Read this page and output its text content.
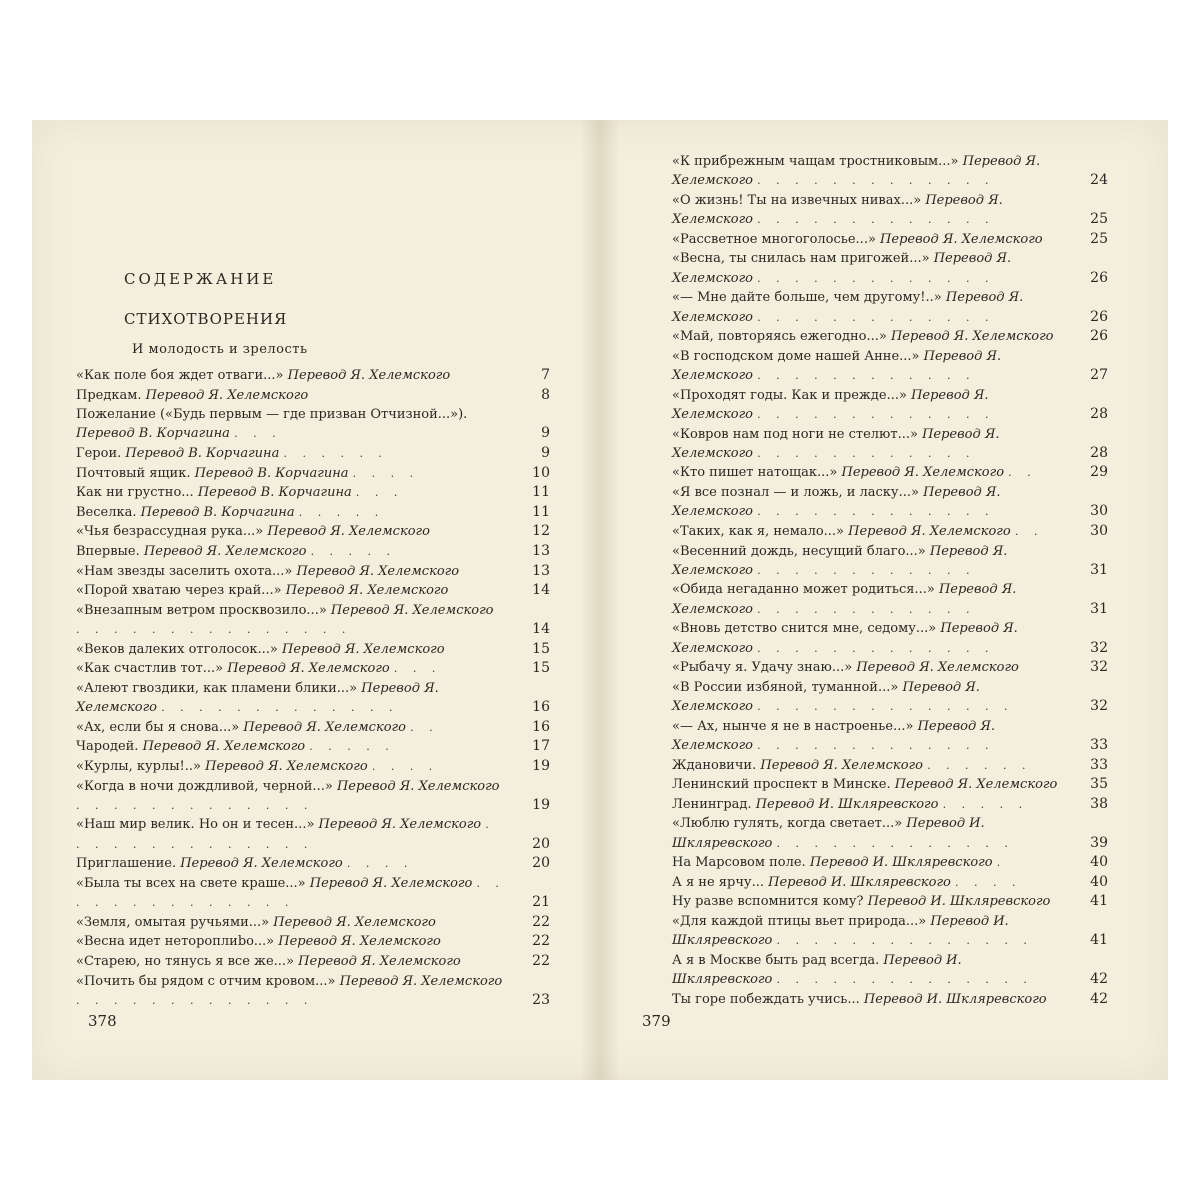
СОДЕРЖАНИЕ
СТИХОТВОРЕНИЯ
И молодость и зрелость
«Как поле боя ждет отваги...» Перевод Я. Хелемского	7
Предкам. Перевод Я. Хелемского	8
Пожелание («Будь первым — где призван Отчизной...»). Перевод В. Корчагина . . .	9
Герои. Перевод В. Корчагина . . . . . .	9
Почтовый ящик. Перевод В. Корчагина . . . .	10
Как ни грустно... Перевод В. Корчагина . . .	11
Веселка. Перевод В. Корчагина . . . . .	11
«Чья безрассудная рука...» Перевод Я. Хелемского	12
Впервые. Перевод Я. Хелемского . . . . .	13
«Нам звезды заселить охота...» Перевод Я. Хелемского	13
«Порой хватаю через край...» Перевод Я. Хелемского	14
«Внезапным ветром просквозило...» Перевод Я. Хелемского . . . . . . . . . . . . . . .	14
«Веков далеких отголосок...» Перевод Я. Хелемского	15
«Как счастлив тот...» Перевод Я. Хелемского . . .	15
«Алеют гвоздики, как пламени блики...» Перевод Я. Хелемского . . . . . . . . . . . . .	16
«Ах, если бы я снова...» Перевод Я. Хелемского . .	16
Чародей. Перевод Я. Хелемского . . . . .	17
«Курлы, курлы!..» Перевод Я. Хелемского . . . .	19
«Когда в ночи дождливой, черной...» Перевод Я. Хелемского . . . . . . . . . . . . .	19
«Наш мир велик. Но он и тесен...» Перевод Я. Хелемского . . . . . . . . . . . . . .	20
Приглашение. Перевод Я. Хелемского . . . .	20
«Была ты всех на свете краше...» Перевод Я. Хелемского . . . . . . . . . . . . . .	21
«Земля, омытая ручьями...» Перевод Я. Хелемского	22
«Весна идет нетороплиbo...» Перевод Я. Хелемского	22
«Старею, но тянусь я все же...» Перевод Я. Хелемского	22
«Почить бы рядом с отчим кровом...» Перевод Я. Хелемского . . . . . . . . . . . . .	23
378
«К прибрежным чащам тростниковым...» Перевод Я. Хелемского . . . . . . . . . . . . .	24
«О жизнь! Ты на извечных нивах...» Перевод Я. Хелемского . . . . . . . . . . . . .	25
«Рассветное многоголосье...» Перевод Я. Хелемского	25
«Весна, ты снилась нам пригожей...» Перевод Я. Хелемского . . . . . . . . . . . . .	26
«— Мне дайте больше, чем другому!..» Перевод Я. Хелемского . . . . . . . . . . . . .	26
«Май, повторяясь ежегодно...» Перевод Я. Хелемского	26
«В господском доме нашей Анне...» Перевод Я. Хелемского . . . . . . . . . . . .	27
«Проходят годы. Как и прежде...» Перевод Я. Хелемского . . . . . . . . . . . . .	28
«Ковров нам под ноги не стелют...» Перевод Я. Хелемского . . . . . . . . . . . .	28
«Кто пишет натощак...» Перевод Я. Хелемского . .	29
«Я все познал — и ложь, и ласку...» Перевод Я. Хелемского . . . . . . . . . . . . .	30
«Таких, как я, немало...» Перевод Я. Хелемского . .	30
«Весенний дождь, несущий благо...» Перевод Я. Хелемского . . . . . . . . . . . .	31
«Обида негаданно может родиться...» Перевод Я. Хелемского . . . . . . . . . . . .	31
«Вновь детство снится мне, седому...» Перевод Я. Хелемского . . . . . . . . . . . . .	32
«Рыбачу я. Удачу знаю...» Перевод Я. Хелемского	32
«В России избяной, туманной...» Перевод Я. Хелемского . . . . . . . . . . . . . .	32
«— Ах, нынче я не в настроенье...» Перевод Я. Хелемского . . . . . . . . . . . . .	33
Ждановичи. Перевод Я. Хелемского . . . . . .	33
Ленинский проспект в Минске. Перевод Я. Хелемского	35
Ленинград. Перевод И. Шкляревского . . . . .	38
«Люблю гулять, когда светает...» Перевод И. Шкляревского . . . . . . . . . . . . .	39
На Марсовом поле. Перевод И. Шкляревского .	40
А я не ярчу... Перевод И. Шкляревского . . . .	40
Ну разве вспомнится кому? Перевод И. Шкляревского	41
«Для каждой птицы вьет природа...» Перевод И. Шкляревского . . . . . . . . . . . . . .	41
А я в Москве быть рад всегда. Перевод И. Шкляревского . . . . . . . . . . . . . .	42
Ты горе побеждать учись... Перевод И. Шкляревского	42
379
